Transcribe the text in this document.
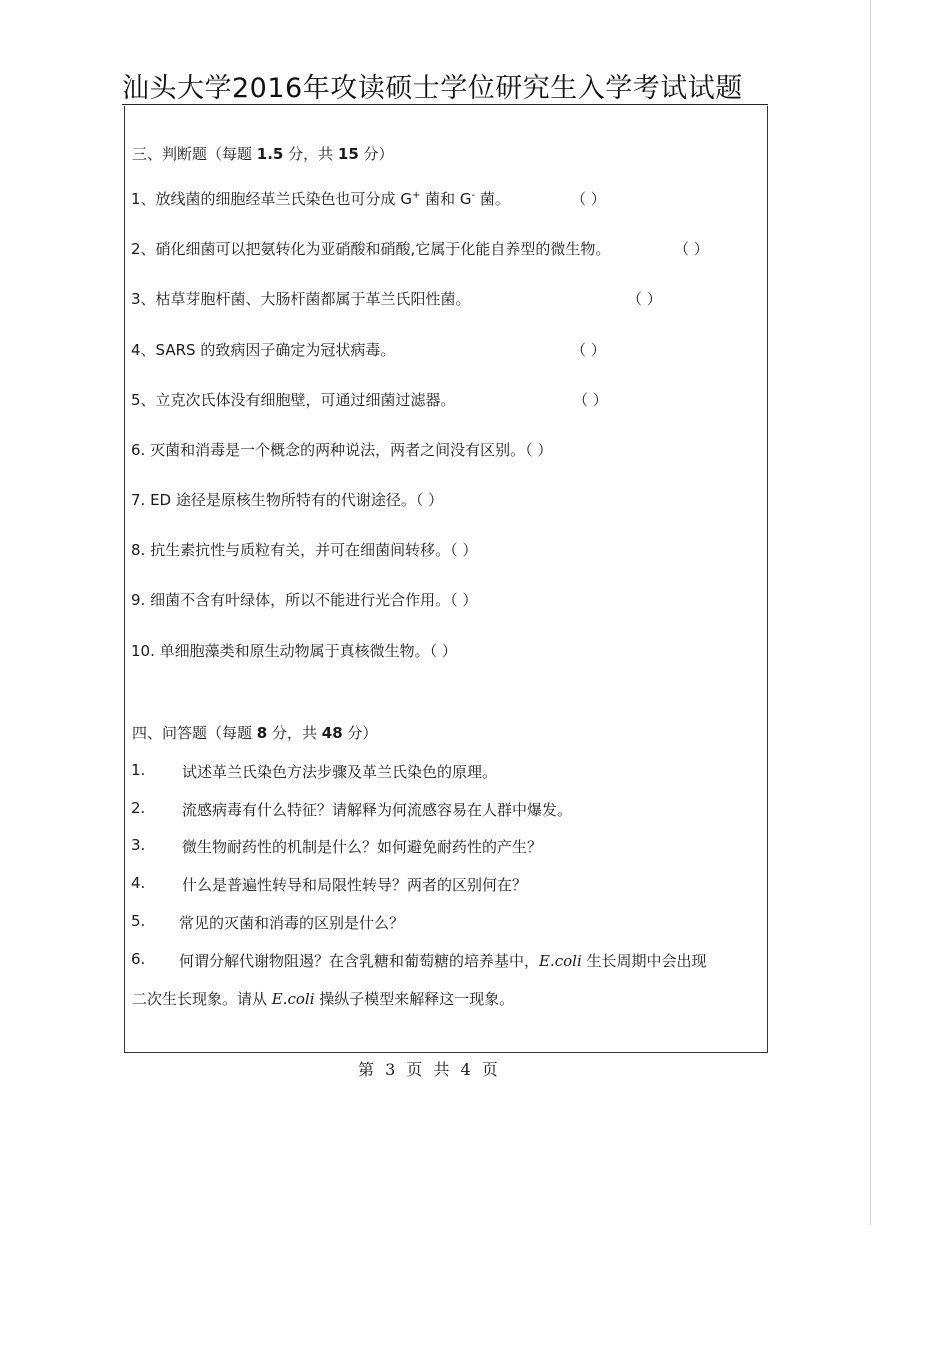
汕头大学2016年攻读硕士学位研究生入学考试试题
三、判断题（每题 1.5 分，共 15 分）
1、放线菌的细胞经革兰氏染色也可分成 G+ 菌和 G- 菌。	（ ）
2、硝化细菌可以把氨转化为亚硝酸和硝酸,它属于化能自养型的微生物。	（ ）
3、枯草芽胞杆菌、大肠杆菌都属于革兰氏阳性菌。	（ ）
4、SARS 的致病因子确定为冠状病毒。	（ ）
5、立克次氏体没有细胞壁，可通过细菌过滤器。	（ ）
6. 灭菌和消毒是一个概念的两种说法，两者之间没有区别。（ ）
7. ED 途径是原核生物所特有的代谢途径。（ ）
8. 抗生素抗性与质粒有关，并可在细菌间转移。（ ）
9. 细菌不含有叶绿体，所以不能进行光合作用。（ ）
10. 单细胞藻类和原生动物属于真核微生物。（ ）
四、问答题（每题 8 分，共 48 分）
1. 试述革兰氏染色方法步骤及革兰氏染色的原理。
2. 流感病毒有什么特征？请解释为何流感容易在人群中爆发。
3. 微生物耐药性的机制是什么？如何避免耐药性的产生？
4. 什么是普遍性转导和局限性转导？两者的区别何在？
5. 常见的灭菌和消毒的区别是什么？
6. 何谓分解代谢物阻遏？在含乳糖和葡萄糖的培养基中，E.coli 生长周期中会出现
二次生长现象。请从 E.coli 操纵子模型来解释这一现象。
第 3 页 共 4 页
